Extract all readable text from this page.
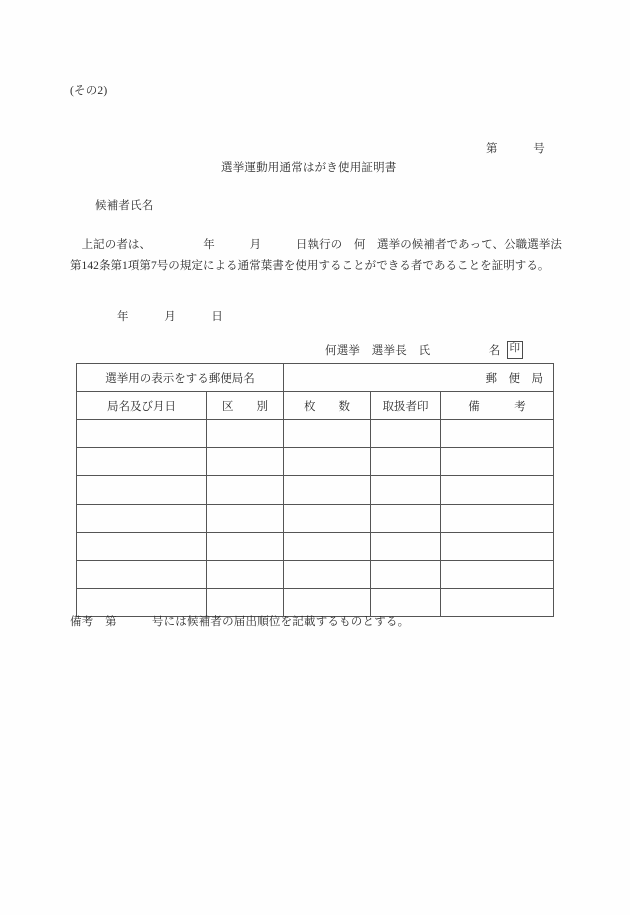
(その2)
第　　　号
選挙運動用通常はがき使用証明書
候補者氏名
　上記の者は、　　　　　年　　　月　　　日執行の　何　選挙の候補者であって、公職選挙法第142条第1項第7号の規定による通常葉書を使用することができる者であることを証明する。
年　　　月　　　日
何選挙　選挙長　氏　　　　　名 印
選挙用の表示をする郵便局名		郵　便　局		
局名及び月日	区　　別	枚　　数	取扱者印	備　　　考

備考　第　　　号には候補者の届出順位を記載するものとする。
